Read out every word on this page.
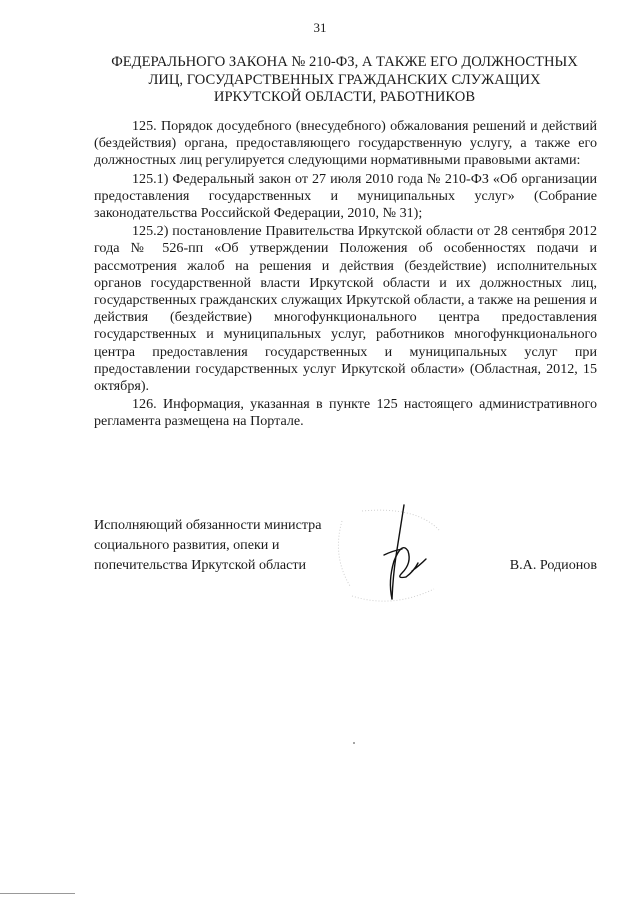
31
ФЕДЕРАЛЬНОГО ЗАКОНА № 210-ФЗ, А ТАКЖЕ ЕГО ДОЛЖНОСТНЫХ
ЛИЦ, ГОСУДАРСТВЕННЫХ ГРАЖДАНСКИХ СЛУЖАЩИХ
ИРКУТСКОЙ ОБЛАСТИ, РАБОТНИКОВ

125. Порядок досудебного (внесудебного) обжалования решений и действий (бездействия) органа, предоставляющего государственную услугу, а также его должностных лиц регулируется следующими нормативными правовыми актами:

125.1) Федеральный закон от 27 июля 2010 года № 210-ФЗ «Об организации предоставления государственных и муниципальных услуг» (Собрание законодательства Российской Федерации, 2010, № 31);

125.2) постановление Правительства Иркутской области от 28 сентября 2012 года № 526-пп «Об утверждении Положения об особенностях подачи и рассмотрения жалоб на решения и действия (бездействие) исполнительных органов государственной власти Иркутской области и их должностных лиц, государственных гражданских служащих Иркутской области, а также на решения и действия (бездействие) многофункционального центра предоставления государственных и муниципальных услуг, работников многофункционального центра предоставления государственных и муниципальных услуг при предоставлении государственных услуг Иркутской области» (Областная, 2012, 15 октября).

126. Информация, указанная в пункте 125 настоящего административного регламента размещена на Портале.

Исполняющий обязанности министра
социального развития, опеки и
попечительства Иркутской области	В.А. Родионов
